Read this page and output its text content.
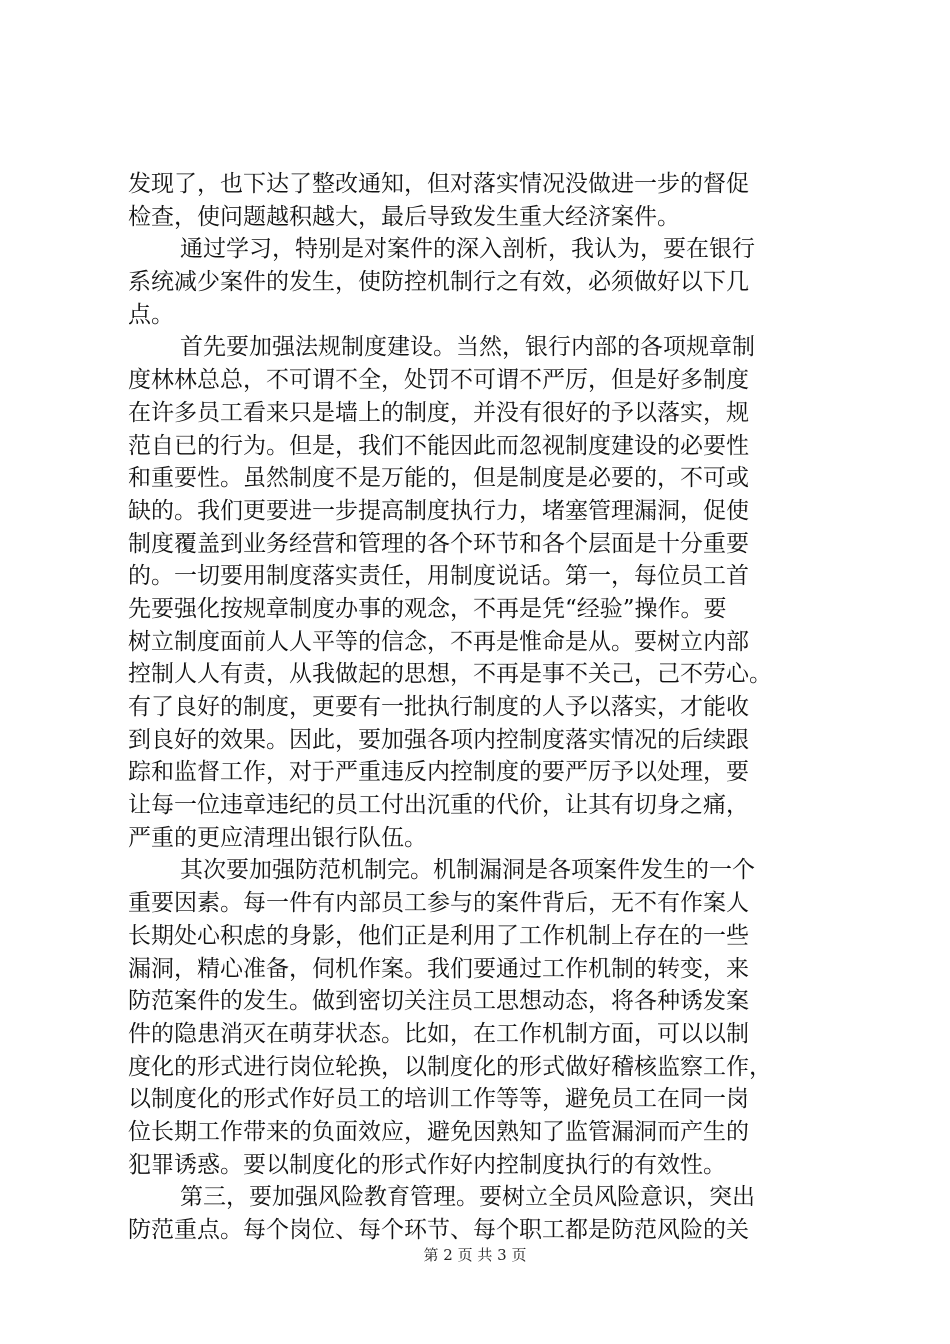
发现了，也下达了整改通知，但对落实情况没做进一步的督促
检查，使问题越积越大，最后导致发生重大经济案件。
通过学习，特别是对案件的深入剖析，我认为，要在银行
系统减少案件的发生，使防控机制行之有效，必须做好以下几
点。
首先要加强法规制度建设。当然，银行内部的各项规章制
度林林总总，不可谓不全，处罚不可谓不严厉，但是好多制度
在许多员工看来只是墙上的制度，并没有很好的予以落实，规
范自已的行为。但是，我们不能因此而忽视制度建设的必要性
和重要性。虽然制度不是万能的，但是制度是必要的，不可或
缺的。我们更要进一步提高制度执行力，堵塞管理漏洞，促使
制度覆盖到业务经营和管理的各个环节和各个层面是十分重要
的。一切要用制度落实责任，用制度说话。第一，每位员工首
先要强化按规章制度办事的观念，不再是凭“经验”操作。要
树立制度面前人人平等的信念，不再是惟命是从。要树立内部
控制人人有责，从我做起的思想，不再是事不关己，己不劳心。
有了良好的制度，更要有一批执行制度的人予以落实，才能收
到良好的效果。因此，要加强各项内控制度落实情况的后续跟
踪和监督工作，对于严重违反内控制度的要严厉予以处理，要
让每一位违章违纪的员工付出沉重的代价，让其有切身之痛，
严重的更应清理出银行队伍。
其次要加强防范机制完。机制漏洞是各项案件发生的一个
重要因素。每一件有内部员工参与的案件背后，无不有作案人
长期处心积虑的身影，他们正是利用了工作机制上存在的一些
漏洞，精心准备，伺机作案。我们要通过工作机制的转变，来
防范案件的发生。做到密切关注员工思想动态，将各种诱发案
件的隐患消灭在萌芽状态。比如，在工作机制方面，可以以制
度化的形式进行岗位轮换，以制度化的形式做好稽核监察工作，
以制度化的形式作好员工的培训工作等等，避免员工在同一岗
位长期工作带来的负面效应，避免因熟知了监管漏洞而产生的
犯罪诱惑。要以制度化的形式作好内控制度执行的有效性。
第三，要加强风险教育管理。要树立全员风险意识，突出
防范重点。每个岗位、每个环节、每个职工都是防范风险的关
第 2 页 共 3 页
